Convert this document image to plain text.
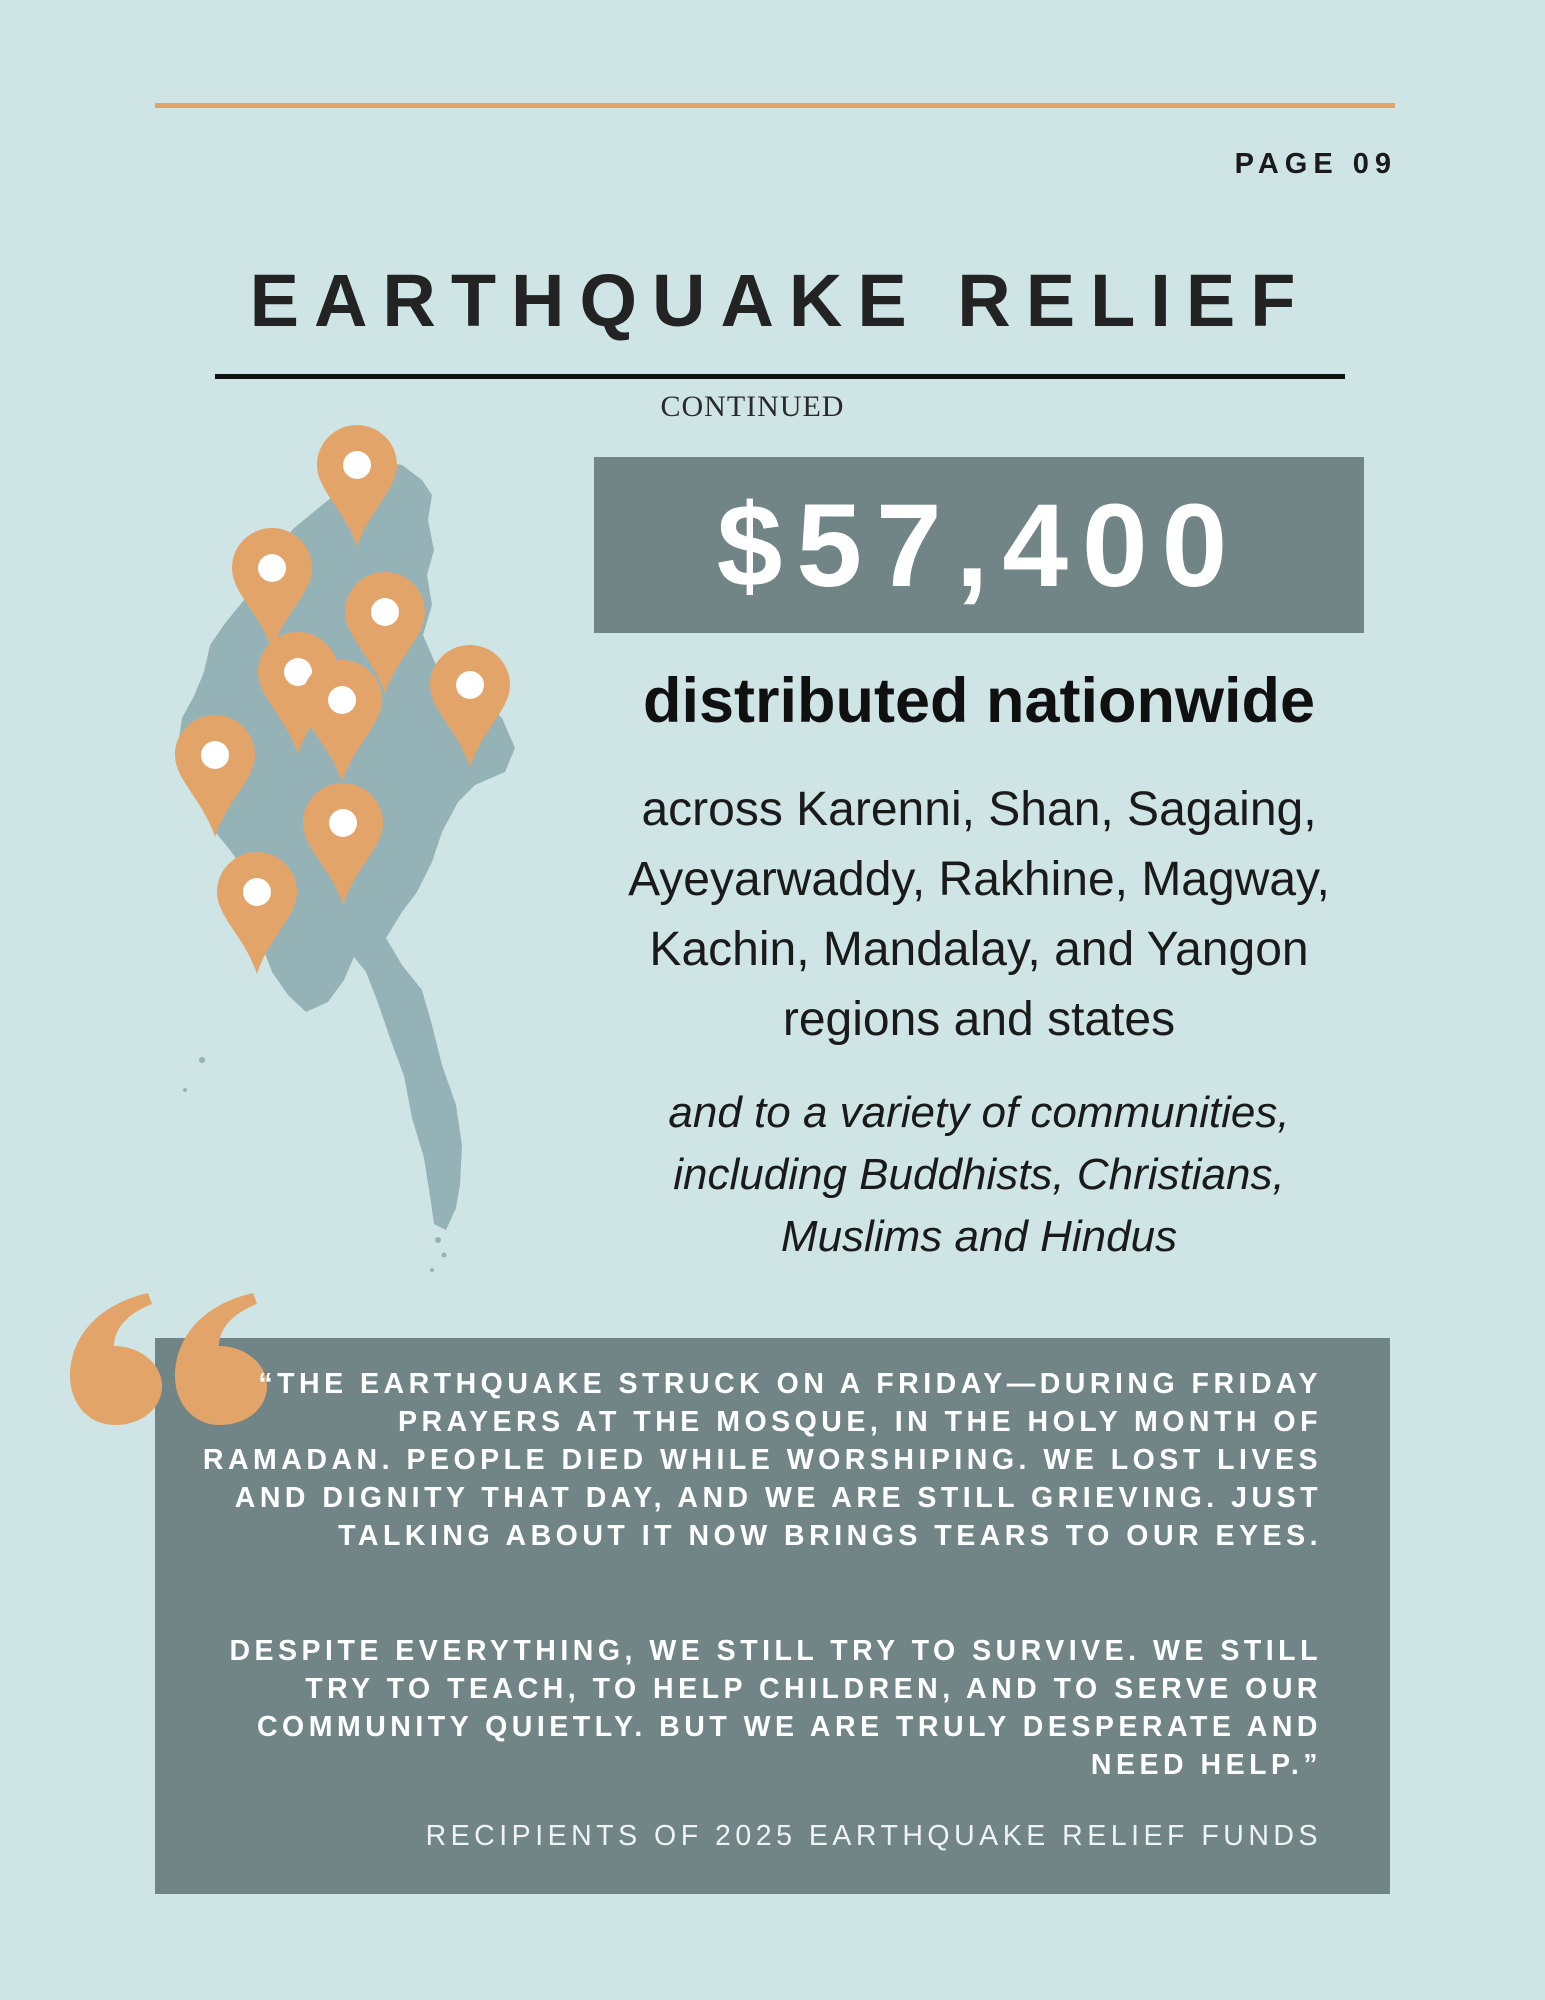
PAGE 09
EARTHQUAKE RELIEF
CONTINUED
$57,400
distributed nationwide
across Karenni, Shan, Sagaing, Ayeyarwaddy, Rakhine, Magway, Kachin, Mandalay, and Yangon regions and states
and to a variety of communities, including Buddhists, Christians, Muslims and Hindus
“THE EARTHQUAKE STRUCK ON A FRIDAY—DURING FRIDAY PRAYERS AT THE MOSQUE, IN THE HOLY MONTH OF RAMADAN. PEOPLE DIED WHILE WORSHIPING. WE LOST LIVES AND DIGNITY THAT DAY, AND WE ARE STILL GRIEVING. JUST TALKING ABOUT IT NOW BRINGS TEARS TO OUR EYES.
DESPITE EVERYTHING, WE STILL TRY TO SURVIVE. WE STILL TRY TO TEACH, TO HELP CHILDREN, AND TO SERVE OUR COMMUNITY QUIETLY. BUT WE ARE TRULY DESPERATE AND NEED HELP.”
RECIPIENTS OF 2025 EARTHQUAKE RELIEF FUNDS
